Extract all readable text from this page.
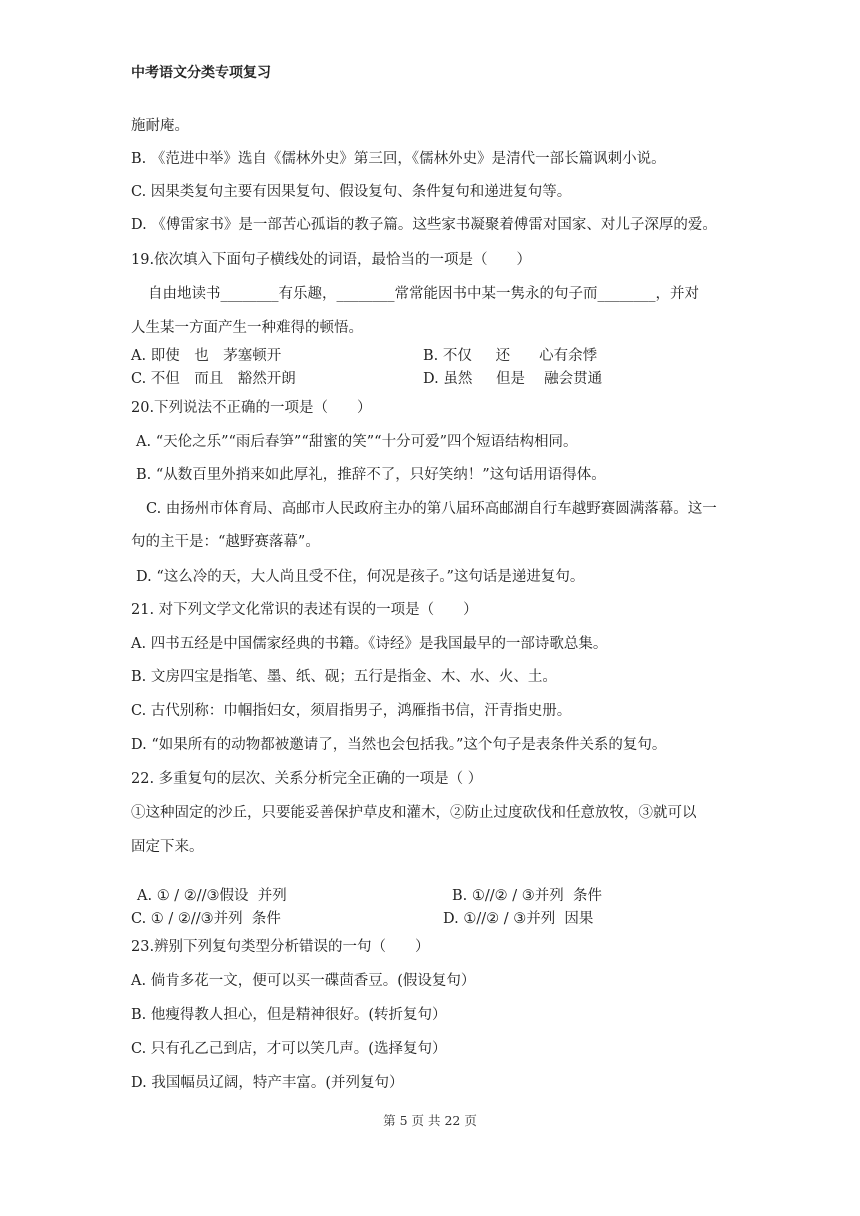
中考语文分类专项复习
施耐庵。
B. 《范进中举》选自《儒林外史》第三回，《儒林外史》是清代一部长篇讽刺小说。
C. 因果类复句主要有因果复句、假设复句、条件复句和递进复句等。
D. 《傅雷家书》是一部苦心孤诣的教子篇。这些家书凝聚着傅雷对国家、对儿子深厚的爱。
19.依次填入下面句子横线处的词语，最恰当的一项是（　　）
自由地读书________有乐趣，________常常能因书中某一隽永的句子而________，并对
人生某一方面产生一种难得的顿悟。
A. 即使　也　茅塞顿开	B. 不仅　  还　　心有余悸
C. 不但　而且　豁然开朗	D. 虽然　  但是　 融会贯通
20.下列说法不正确的一项是（　　）
A. “天伦之乐”“雨后春笋”“甜蜜的笑”“十分可爱”四个短语结构相同。
B. “从数百里外捎来如此厚礼，推辞不了，只好笑纳！”这句话用语得体。
C. 由扬州市体育局、高邮市人民政府主办的第八届环高邮湖自行车越野赛圆满落幕。这一
句的主干是：“越野赛落幕”。
D. “这么冷的天，大人尚且受不住，何况是孩子。”这句话是递进复句。
21. 对下列文学文化常识的表述有误的一项是（　　）
A. 四书五经是中国儒家经典的书籍。《诗经》是我国最早的一部诗歌总集。
B. 文房四宝是指笔、墨、纸、砚；五行是指金、木、水、火、土。
C. 古代别称：巾帼指妇女，须眉指男子，鸿雁指书信，汗青指史册。
D. “如果所有的动物都被邀请了，当然也会包括我。”这个句子是表条件关系的复句。
22. 多重复句的层次、关系分析完全正确的一项是（ ）
①这种固定的沙丘，只要能妥善保护草皮和灌木，②防止过度砍伐和任意放牧，③就可以
固定下来。
A. ① / ②//③假设  并列	B. ①//② / ③并列  条件
C. ① / ②//③并列  条件	D. ①//② / ③并列  因果
23.辨别下列复句类型分析错误的一句（　　）
A. 倘肯多花一文，便可以买一碟茴香豆。(假设复句）
B. 他瘦得教人担心，但是精神很好。(转折复句）
C. 只有孔乙己到店，才可以笑几声。(选择复句）
D. 我国幅员辽阔，特产丰富。(并列复句）
第 5 页 共 22 页
